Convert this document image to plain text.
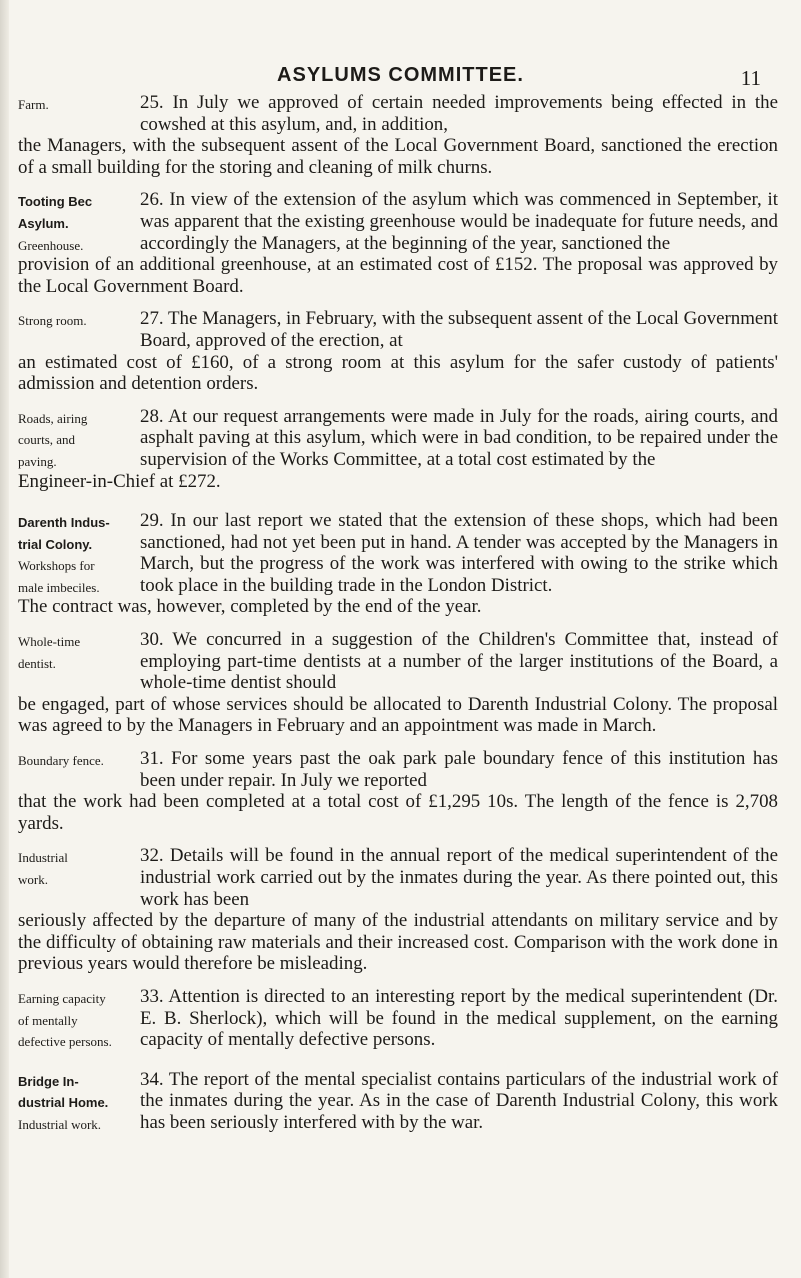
ASYLUMS COMMITTEE.	11
Farm.	25. In July we approved of certain needed improvements being effected in the cowshed at this asylum, and, in addition,
the Managers, with the subsequent assent of the Local Government Board, sanctioned the erection of a small building for the storing and cleaning of milk churns.
Tooting Bec
Asylum.
Greenhouse.
26. In view of the extension of the asylum which was commenced in September, it was apparent that the existing greenhouse would be inadequate for future needs, and accordingly the Managers, at the beginning of the year, sanctioned the
provision of an additional greenhouse, at an estimated cost of £152. The proposal was approved by the Local Government Board.
Strong room.	27. The Managers, in February, with the subsequent assent of the Local Government Board, approved of the erection, at
an estimated cost of £160, of a strong room at this asylum for the safer custody of patients' admission and detention orders.
Roads, airing
courts, and
paving.
28. At our request arrangements were made in July for the roads, airing courts, and asphalt paving at this asylum, which were in bad condition, to be repaired under the supervision of the Works Committee, at a total cost estimated by the
Engineer-in-Chief at £272.
Darenth Indus-
trial Colony.
Workshops for
male imbeciles.
29. In our last report we stated that the extension of these shops, which had been sanctioned, had not yet been put in hand. A tender was accepted by the Managers in March, but the progress of the work was interfered with owing to the strike which took place in the building trade in the London District.
The contract was, however, completed by the end of the year.
Whole-time
dentist.
30. We concurred in a suggestion of the Children's Committee that, instead of employing part-time dentists at a number of the larger institutions of the Board, a whole-time dentist should
be engaged, part of whose services should be allocated to Darenth Industrial Colony. The proposal was agreed to by the Managers in February and an appointment was made in March.
Boundary fence.	31. For some years past the oak park pale boundary fence of this institution has been under repair. In July we reported
that the work had been completed at a total cost of £1,295 10s. The length of the fence is 2,708 yards.
Industrial
work.
32. Details will be found in the annual report of the medical superintendent of the industrial work carried out by the inmates during the year. As there pointed out, this work has been
seriously affected by the departure of many of the industrial attendants on military service and by the difficulty of obtaining raw materials and their increased cost. Comparison with the work done in previous years would therefore be misleading.
Earning capacity
of mentally
defective persons.
33. Attention is directed to an interesting report by the medical superintendent (Dr. E. B. Sherlock), which will be found in the medical supplement, on the earning capacity of mentally defective persons.
Bridge In-
dustrial Home.
Industrial work.
34. The report of the mental specialist contains particulars of the industrial work of the inmates during the year. As in the case of Darenth Industrial Colony, this work has been seriously interfered with by the war.
